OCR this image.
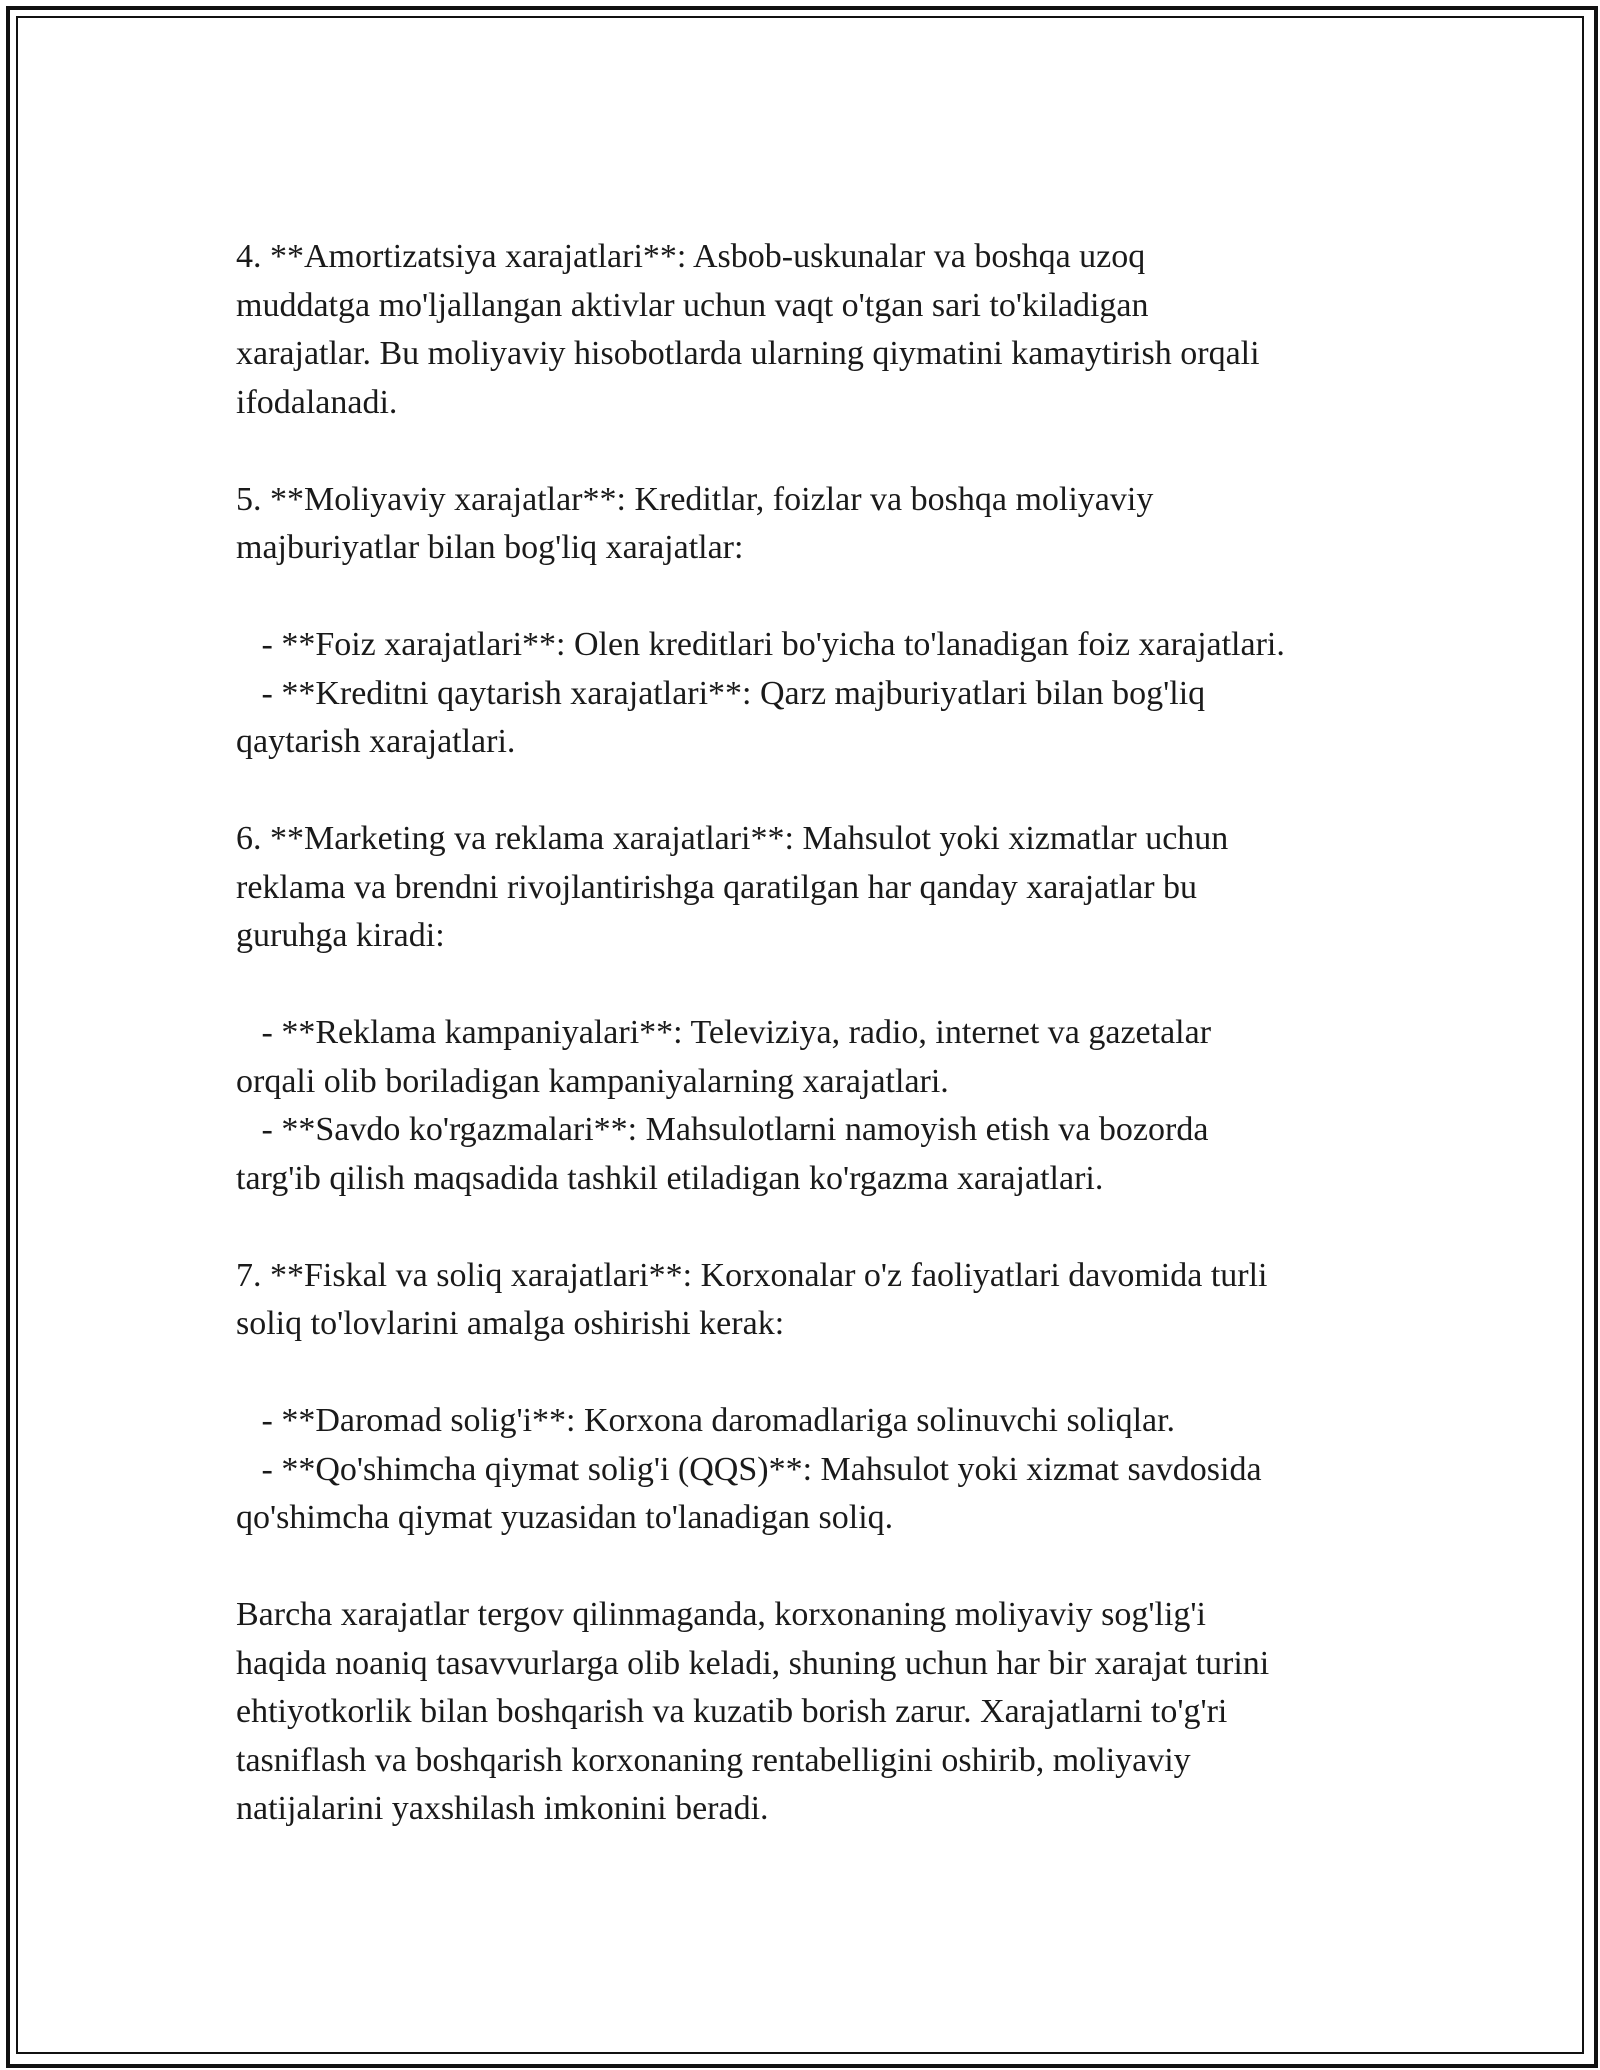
4. **Amortizatsiya xarajatlari**: Asbob-uskunalar va boshqa uzoq
muddatga mo'ljallangan aktivlar uchun vaqt o'tgan sari to'kiladigan
xarajatlar. Bu moliyaviy hisobotlarda ularning qiymatini kamaytirish orqali
ifodalanadi.

5. **Moliyaviy xarajatlar**: Kreditlar, foizlar va boshqa moliyaviy
majburiyatlar bilan bog'liq xarajatlar:

- **Foiz xarajatlari**: Olen kreditlari bo'yicha to'lanadigan foiz xarajatlari.

- **Kreditni qaytarish xarajatlari**: Qarz majburiyatlari bilan bog'liq
qaytarish xarajatlari.

6. **Marketing va reklama xarajatlari**: Mahsulot yoki xizmatlar uchun
reklama va brendni rivojlantirishga qaratilgan har qanday xarajatlar bu
guruhga kiradi:

- **Reklama kampaniyalari**: Televiziya, radio, internet va gazetalar
orqali olib boriladigan kampaniyalarning xarajatlari.

- **Savdo ko'rgazmalari**: Mahsulotlarni namoyish etish va bozorda
targ'ib qilish maqsadida tashkil etiladigan ko'rgazma xarajatlari.

7. **Fiskal va soliq xarajatlari**: Korxonalar o'z faoliyatlari davomida turli
soliq to'lovlarini amalga oshirishi kerak:

- **Daromad solig'i**: Korxona daromadlariga solinuvchi soliqlar.

- **Qo'shimcha qiymat solig'i (QQS)**: Mahsulot yoki xizmat savdosida
qo'shimcha qiymat yuzasidan to'lanadigan soliq.

Barcha xarajatlar tergov qilinmaganda, korxonaning moliyaviy sog'lig'i
haqida noaniq tasavvurlarga olib keladi, shuning uchun har bir xarajat turini
ehtiyotkorlik bilan boshqarish va kuzatib borish zarur. Xarajatlarni to'g'ri
tasniflash va boshqarish korxonaning rentabelligini oshirib, moliyaviy
natijalarini yaxshilash imkonini beradi.
